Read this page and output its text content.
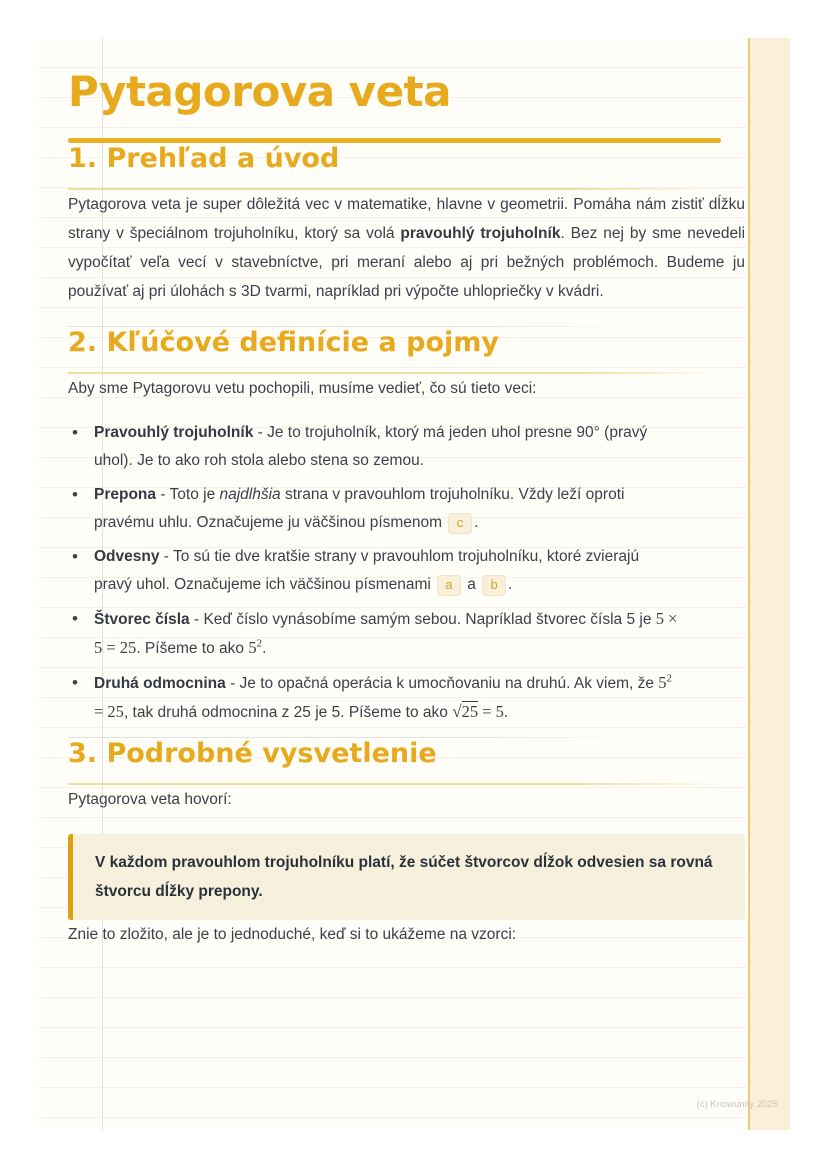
Pytagorova veta
1. Prehľad a úvod

Pytagorova veta je super dôležitá vec v matematike, hlavne v geometrii. Pomáha nám zistiť dĺžku strany v špeciálnom trojuholníku, ktorý sa volá pravouhlý trojuholník. Bez nej by sme nevedeli vypočítať veľa vecí v stavebníctve, pri meraní alebo aj pri bežných problémoch. Budeme ju používať aj pri úlohách s 3D tvarmi, napríklad pri výpočte uhlopriečky v kvádri.

2. Kľúčové definície a pojmy

Aby sme Pytagorovu vetu pochopili, musíme vedieť, čo sú tieto veci:

•	Pravouhlý trojuholník - Je to trojuholník, ktorý má jeden uhol presne 90° (pravý uhol). Je to ako roh stola alebo stena so zemou.
•	Prepona - Toto je najdlhšia strana v pravouhlom trojuholníku. Vždy leží oproti pravému uhlu. Označujeme ju väčšinou písmenom c .
•	Odvesny - To sú tie dve kratšie strany v pravouhlom trojuholníku, ktoré zvierajú pravý uhol. Označujeme ich väčšinou písmenami a a b .
•	Štvorec čísla - Keď číslo vynásobíme samým sebou. Napríklad štvorec čísla 5 je 5 × 5 = 25. Píšeme to ako $5^2$.
•	Druhá odmocnina - Je to opačná operácia k umocňovaniu na druhú. Ak viem, že $5^2 = 25$, tak druhá odmocnina z 25 je 5. Píšeme to ako √25 = 5.
3. Podrobné vysvetlenie

Pytagorova veta hovorí:

V každom pravouhlom trojuholníku platí, že súčet štvorcov dĺžok odvesien sa rovná štvorcu dĺžky prepony.

Znie to zložito, ale je to jednoduché, keď si to ukážeme na vzorci:

(c) Knowunity 2025
